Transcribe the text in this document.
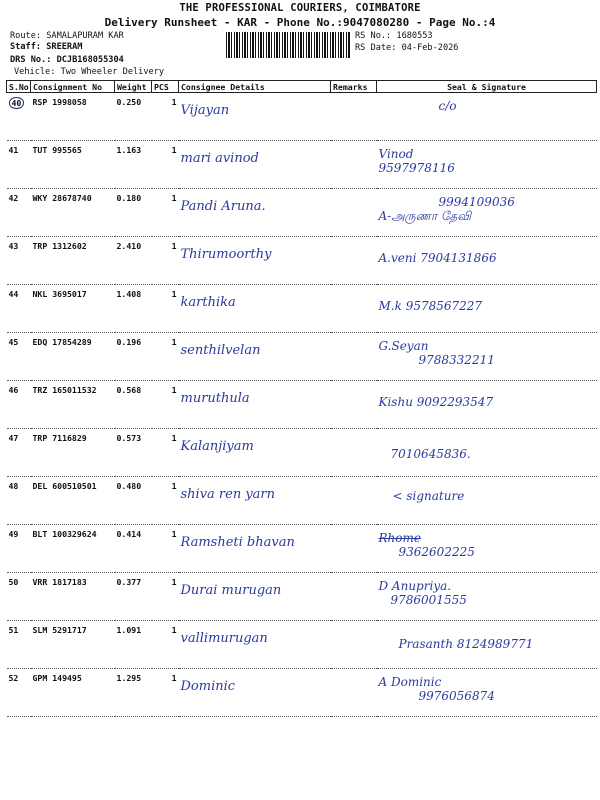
THE PROFESSIONAL COURIERS, COIMBATORE
Delivery Runsheet - KAR - Phone No.:9047080280 - Page No.:4
Route: SAMALAPURAM KAR
Staff: SREERAM
DRS No.: DCJB168055304
Vehicle: Two Wheeler Delivery
RS No.: 1680553
RS Date: 04-Feb-2026
S.No	Consignment No	Weight	PCS	Consignee Details	Remarks	Seal & Signature
40	RSP 1998058	0.250	1	Vijayan		c/o

41	TUT 995565	1.163	1	mari avinod		Vinod
9597978116

42	WKY 28678740	0.180	1	Pandi Aruna.		9994109036
A-அருணா தேவி

43	TRP 1312602	2.410	1	Thirumoorthy		A.veni 7904131866

44	NKL 3695017	1.408	1	karthika		M.k 9578567227

45	EDQ 17854289	0.196	1	senthilvelan		G.Seyan
9788332211

46	TRZ 165011532	0.568	1	muruthula		Kishu 9092293547

47	TRP 7116829	0.573	1	Kalanjiyam		7010645836.

48	DEL 600510501	0.480	1	shiva ren yarn		< signature

49	BLT 100329624	0.414	1	Ramsheti bhavan		Rhome
9362602225

50	VRR 1817183	0.377	1	Durai murugan		D Anupriya.
9786001555

51	SLM 5291717	1.091	1	vallimurugan		Prasanth 8124989771

52	GPM 149495	1.295	1	Dominic		A Dominic
9976056874
